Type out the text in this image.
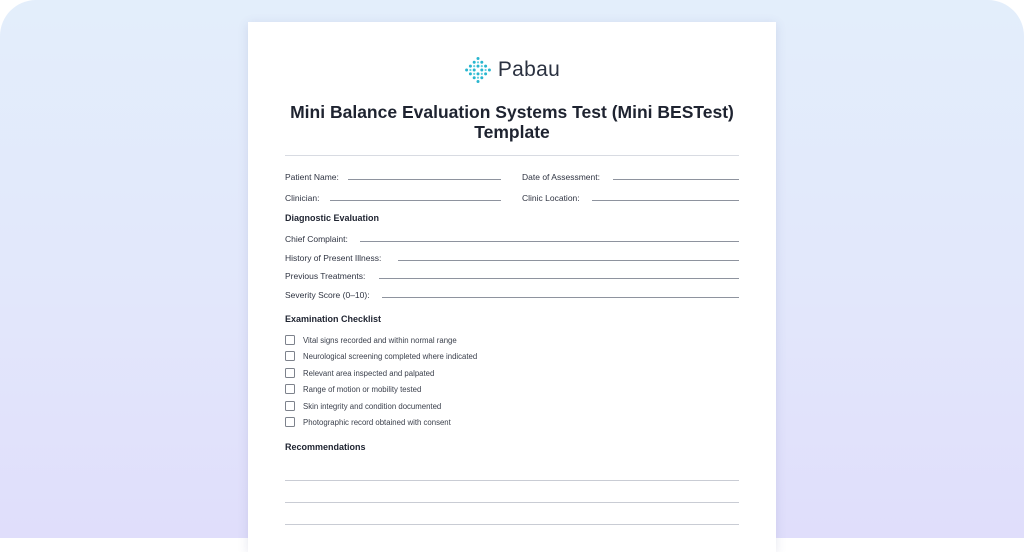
Pabau
Mini Balance Evaluation Systems Test (Mini BESTest)
Template
Patient Name:	Date of Assessment:
Clinician:	Clinic Location:
Diagnostic Evaluation
Chief Complaint:
History of Present Illness:
Previous Treatments:
Severity Score (0–10):
Examination Checklist
Vital signs recorded and within normal range
Neurological screening completed where indicated
Relevant area inspected and palpated
Range of motion or mobility tested
Skin integrity and condition documented
Photographic record obtained with consent
Recommendations
